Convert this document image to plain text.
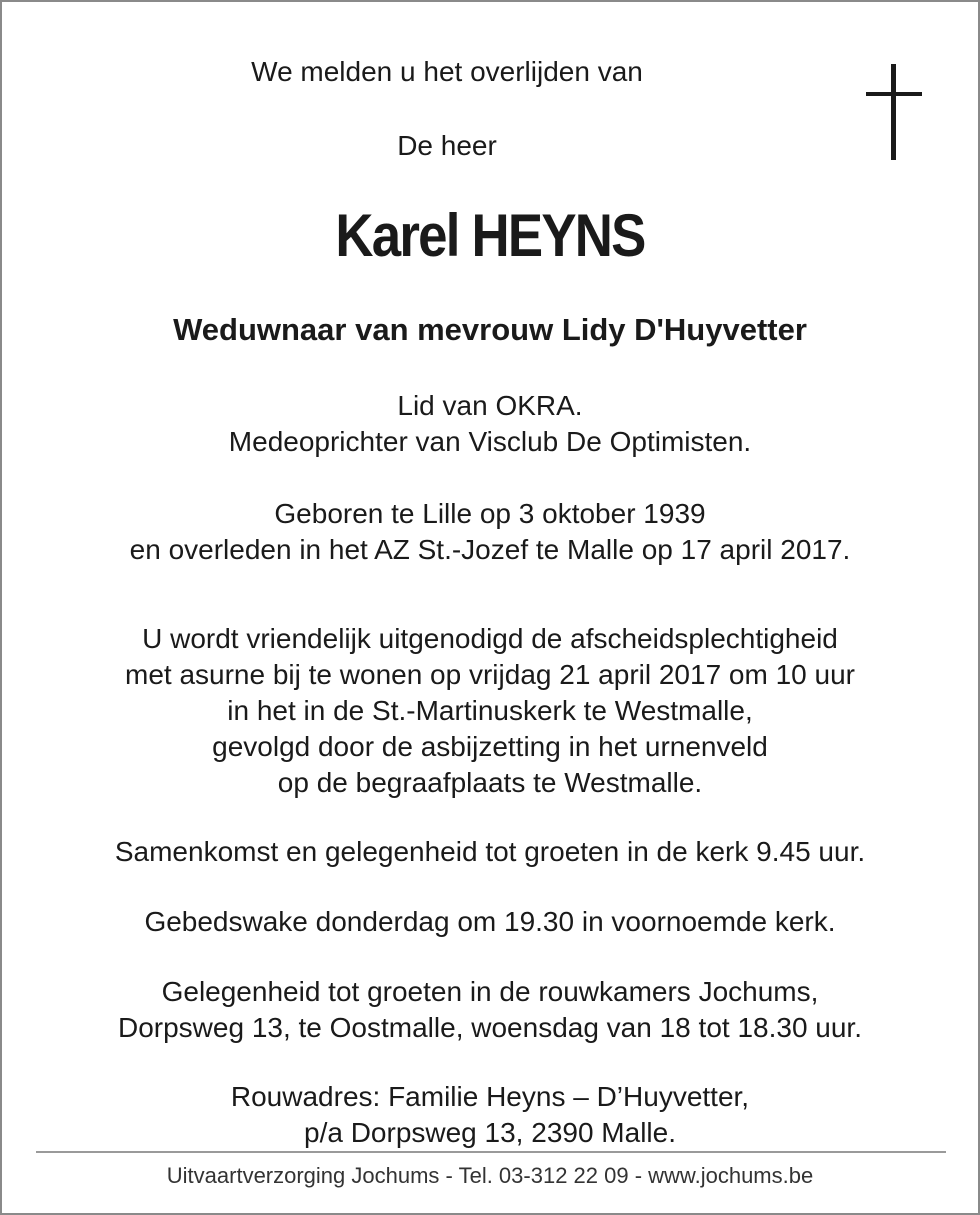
We melden u het overlijden van
De heer
Karel HEYNS
Weduwnaar van mevrouw Lidy D'Huyvetter
Lid van OKRA.
Medeoprichter van Visclub De Optimisten.
Geboren te Lille op 3 oktober 1939
en overleden in het AZ St.-Jozef te Malle op 17 april 2017.
U wordt vriendelijk uitgenodigd de afscheidsplechtigheid
met asurne bij te wonen op vrijdag 21 april 2017 om 10 uur
in het in de St.-Martinuskerk te Westmalle,
gevolgd door de asbijzetting in het urnenveld
op de begraafplaats te Westmalle.
Samenkomst en gelegenheid tot groeten in de kerk 9.45 uur.
Gebedswake donderdag om 19.30 in voornoemde kerk.
Gelegenheid tot groeten in de rouwkamers Jochums,
Dorpsweg 13, te Oostmalle, woensdag van 18 tot 18.30 uur.
Rouwadres: Familie Heyns – D’Huyvetter,
p/a Dorpsweg 13, 2390 Malle.
Uitvaartverzorging Jochums - Tel. 03-312 22 09 - www.jochums.be
